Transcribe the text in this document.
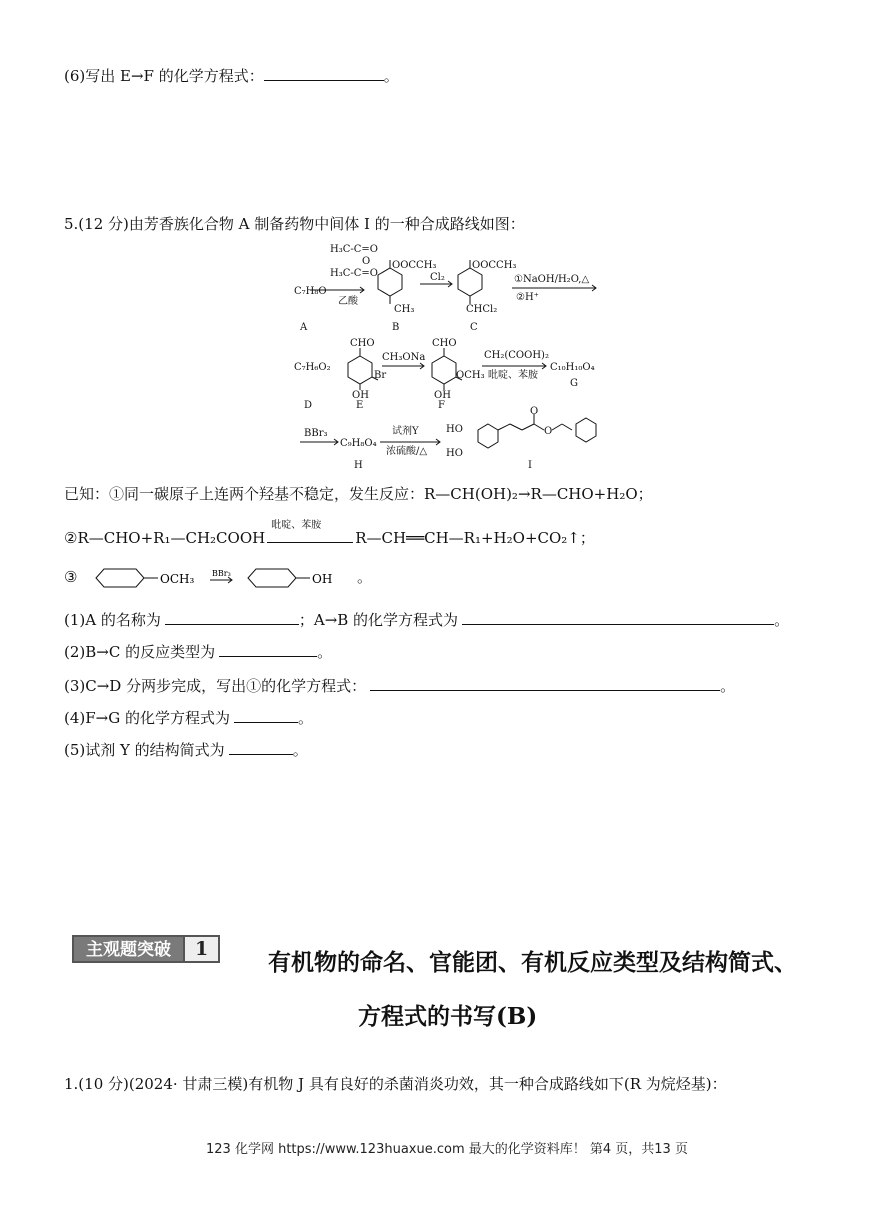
(6)写出 E→F 的化学方程式：	。
5.(12 分)由芳香族化合物 A 制备药物中间体 I 的一种合成路线如图：
C₇H₈O
H₃C-C=O
O
H₃C-C=O
乙酸
OOCCH₃
CH₃
Cl₂
OOCCH₃
CHCl₂
①NaOH/H₂O,△
②H⁺
C₇H₆O₂
CHO
Br
OH
CH₃ONa
CHO
OCH₃
OH
CH₂(COOH)₂
吡啶、苯胺
C₁₀H₁₀O₄
BBr₃
C₉H₈O₄
试剂Y
浓硫酸/△
HO
HO
O
O
A	B	C
D	E	F
G
H	I
已知：①同一碳原子上连两个羟基不稳定，发生反应：R—CH(OH)₂→R—CHO+H₂O；
②R—CHO+R₁—CH₂COOH
吡啶、苯胺
R—CH══CH—R₁+H₂O+CO₂↑；
③	OCH₃ BBr₃	OH 。
(1)A 的名称为	；A→B 的化学方程式为	。
(2)B→C 的反应类型为	。
(3)C→D 分两步完成，写出①的化学方程式：	。
(4)F→G 的化学方程式为	。
(5)试剂 Y 的结构简式为	。
主观题突破	1	有机物的命名、官能团、有机反应类型及结构简式、
方程式的书写(B)
1.(10 分)(2024· 甘肃三模)有机物 J 具有良好的杀菌消炎功效，其一种合成路线如下(R 为烷烃基)：
123 化学网 https://www.123huaxue.com 最大的化学资料库！ 第4 页，共13 页
